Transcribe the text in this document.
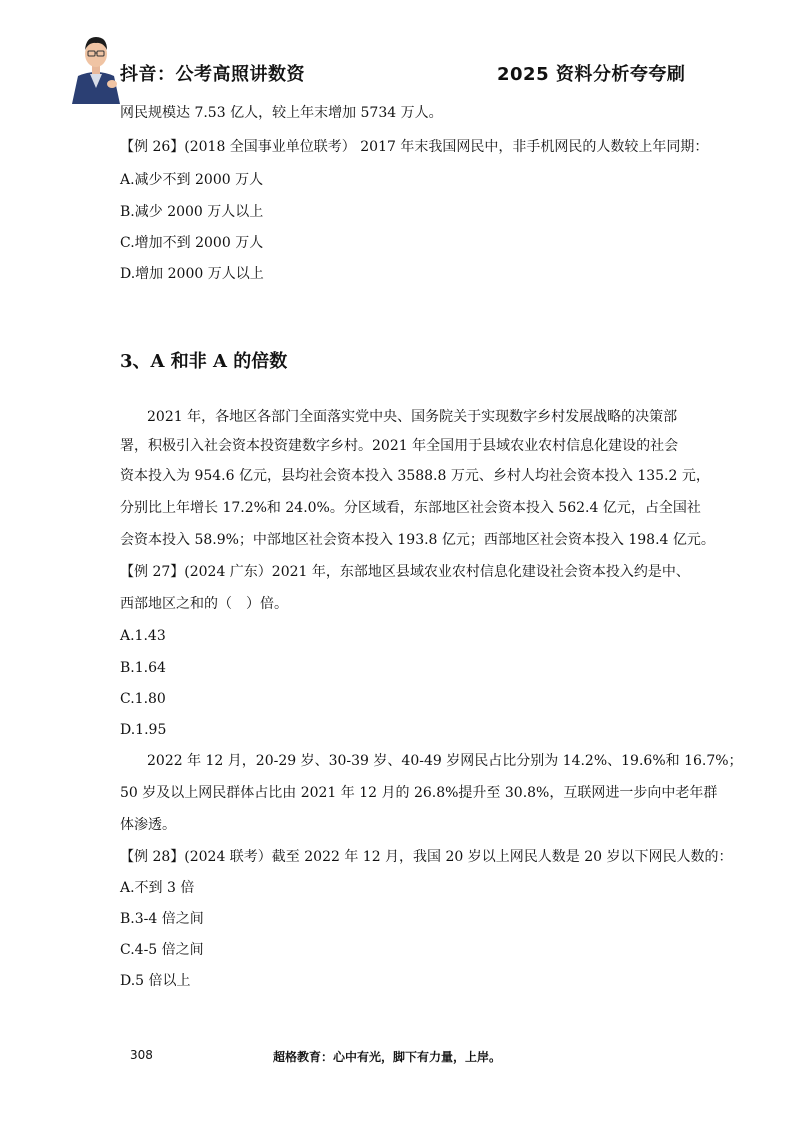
抖音：公考高照讲数资	2025 资料分析夸夸刷
网民规模达 7.53 亿人，较上年末增加 5734 万人。
【例 26】(2018 全国事业单位联考） 2017 年末我国网民中，非手机网民的人数较上年同期：
A.减少不到 2000 万人
B.减少 2000 万人以上
C.增加不到 2000 万人
D.增加 2000 万人以上
3、A 和非 A 的倍数
2021 年，各地区各部门全面落实党中央、国务院关于实现数字乡村发展战略的决策部
署，积极引入社会资本投资建数字乡村。2021 年全国用于县域农业农村信息化建设的社会
资本投入为 954.6 亿元，县均社会资本投入 3588.8 万元、乡村人均社会资本投入 135.2 元，
分别比上年增长 17.2%和 24.0%。分区域看，东部地区社会资本投入 562.4 亿元，占全国社
会资本投入 58.9%；中部地区社会资本投入 193.8 亿元；西部地区社会资本投入 198.4 亿元。
【例 27】(2024 广东）2021 年，东部地区县域农业农村信息化建设社会资本投入约是中、
西部地区之和的（　）倍。
A.1.43
B.1.64
C.1.80
D.1.95
2022 年 12 月，20-29 岁、30-39 岁、40-49 岁网民占比分别为 14.2%、19.6%和 16.7%；
50 岁及以上网民群体占比由 2021 年 12 月的 26.8%提升至 30.8%，互联网进一步向中老年群
体渗透。
【例 28】(2024 联考）截至 2022 年 12 月，我国 20 岁以上网民人数是 20 岁以下网民人数的：
A.不到 3 倍
B.3-4 倍之间
C.4-5 倍之间
D.5 倍以上
308	超格教育：心中有光，脚下有力量，上岸。
